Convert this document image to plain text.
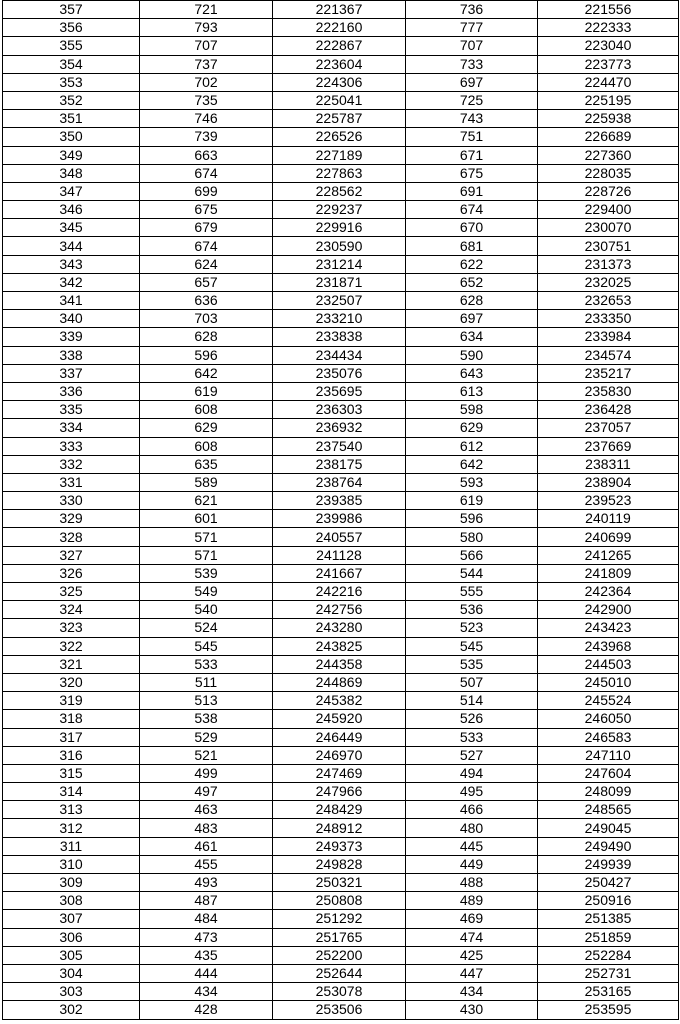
357	721	221367	736	221556
356	793	222160	777	222333
355	707	222867	707	223040
354	737	223604	733	223773
353	702	224306	697	224470
352	735	225041	725	225195
351	746	225787	743	225938
350	739	226526	751	226689
349	663	227189	671	227360
348	674	227863	675	228035
347	699	228562	691	228726
346	675	229237	674	229400
345	679	229916	670	230070
344	674	230590	681	230751
343	624	231214	622	231373
342	657	231871	652	232025
341	636	232507	628	232653
340	703	233210	697	233350
339	628	233838	634	233984
338	596	234434	590	234574
337	642	235076	643	235217
336	619	235695	613	235830
335	608	236303	598	236428
334	629	236932	629	237057
333	608	237540	612	237669
332	635	238175	642	238311
331	589	238764	593	238904
330	621	239385	619	239523
329	601	239986	596	240119
328	571	240557	580	240699
327	571	241128	566	241265
326	539	241667	544	241809
325	549	242216	555	242364
324	540	242756	536	242900
323	524	243280	523	243423
322	545	243825	545	243968
321	533	244358	535	244503
320	511	244869	507	245010
319	513	245382	514	245524
318	538	245920	526	246050
317	529	246449	533	246583
316	521	246970	527	247110
315	499	247469	494	247604
314	497	247966	495	248099
313	463	248429	466	248565
312	483	248912	480	249045
311	461	249373	445	249490
310	455	249828	449	249939
309	493	250321	488	250427
308	487	250808	489	250916
307	484	251292	469	251385
306	473	251765	474	251859
305	435	252200	425	252284
304	444	252644	447	252731
303	434	253078	434	253165
302	428	253506	430	253595
